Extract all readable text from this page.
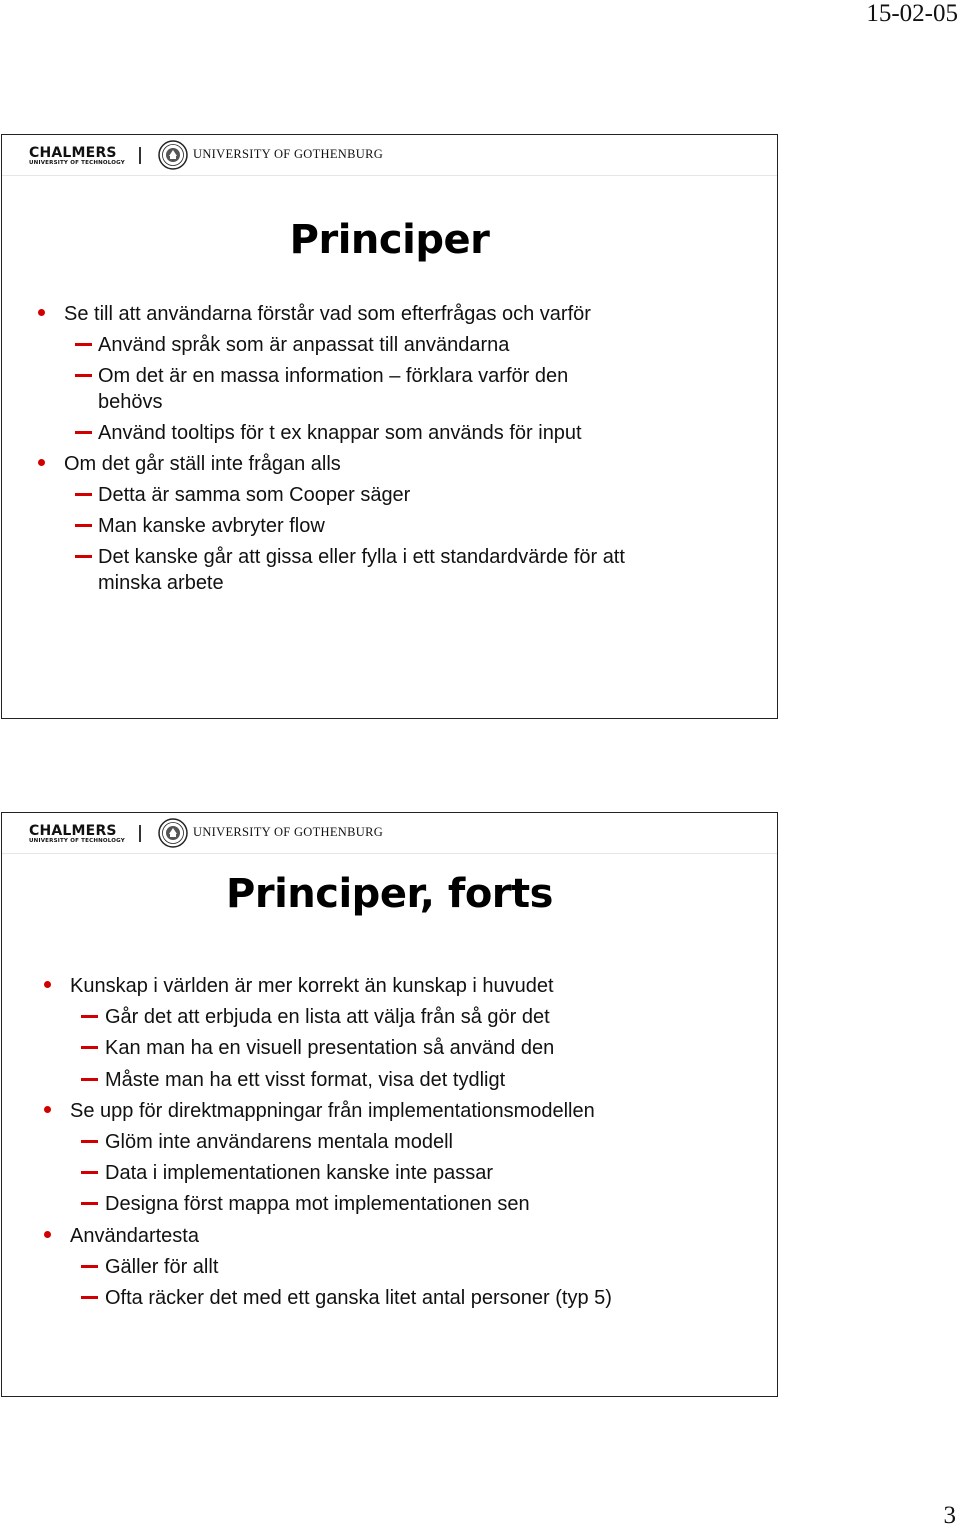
15-02-05
CHALMERS
UNIVERSITY OF TECHNOLOGY
UNIVERSITY OF GOTHENBURG
Principer
Se till att användarna förstår vad som efterfrågas och varför
Använd språk som är anpassat till användarna
Om det är en massa information – förklara varför den
behövs
Använd tooltips för t ex knappar som används för input
Om det går ställ inte frågan alls
Detta är samma som Cooper säger
Man kanske avbryter flow
Det kanske går att gissa eller fylla i ett standardvärde för att
minska arbete
CHALMERS
UNIVERSITY OF TECHNOLOGY
UNIVERSITY OF GOTHENBURG
Principer, forts
Kunskap i världen är mer korrekt än kunskap i huvudet
Går det att erbjuda en lista att välja från så gör det
Kan man ha en visuell presentation så använd den
Måste man ha ett visst format, visa det tydligt
Se upp för direktmappningar från implementationsmodellen
Glöm inte användarens mentala modell
Data i implementationen kanske inte passar
Designa först mappa mot implementationen sen
Användartesta
Gäller för allt
Ofta räcker det med ett ganska litet antal personer (typ 5)
3
